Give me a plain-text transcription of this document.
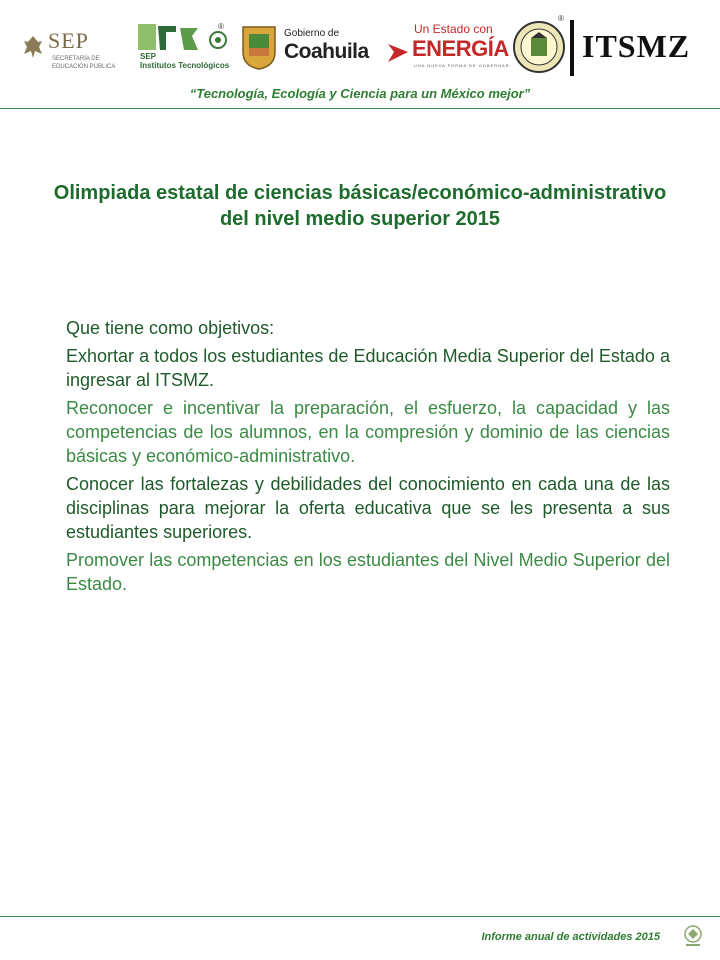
SEP
SECRETARÍA DE EDUCACIÓN PÚBLICA
SEP
Institutos Tecnológicos
®
Gobierno de
Coahuila
Un Estado con
ENERGÍA
UNA NUEVA FORMA DE GOBERNAR
ITSMZ
®
“Tecnología, Ecología y Ciencia para un México mejor”
Olimpiada estatal de ciencias básicas/económico-administrativo del nivel medio superior 2015

Que tiene como objetivos:

Exhortar a todos los estudiantes de Educación Media Superior del Estado a ingresar al ITSMZ.

Reconocer e incentivar la preparación, el esfuerzo, la capacidad y las competencias de los alumnos, en la compresión y dominio de las ciencias básicas y económico-administrativo.

Conocer las fortalezas y debilidades del conocimiento en cada una de las disciplinas para mejorar la oferta educativa que se les presenta a sus estudiantes superiores.

Promover las competencias en los estudiantes del Nivel Medio Superior del Estado.

Informe anual de actividades 2015
